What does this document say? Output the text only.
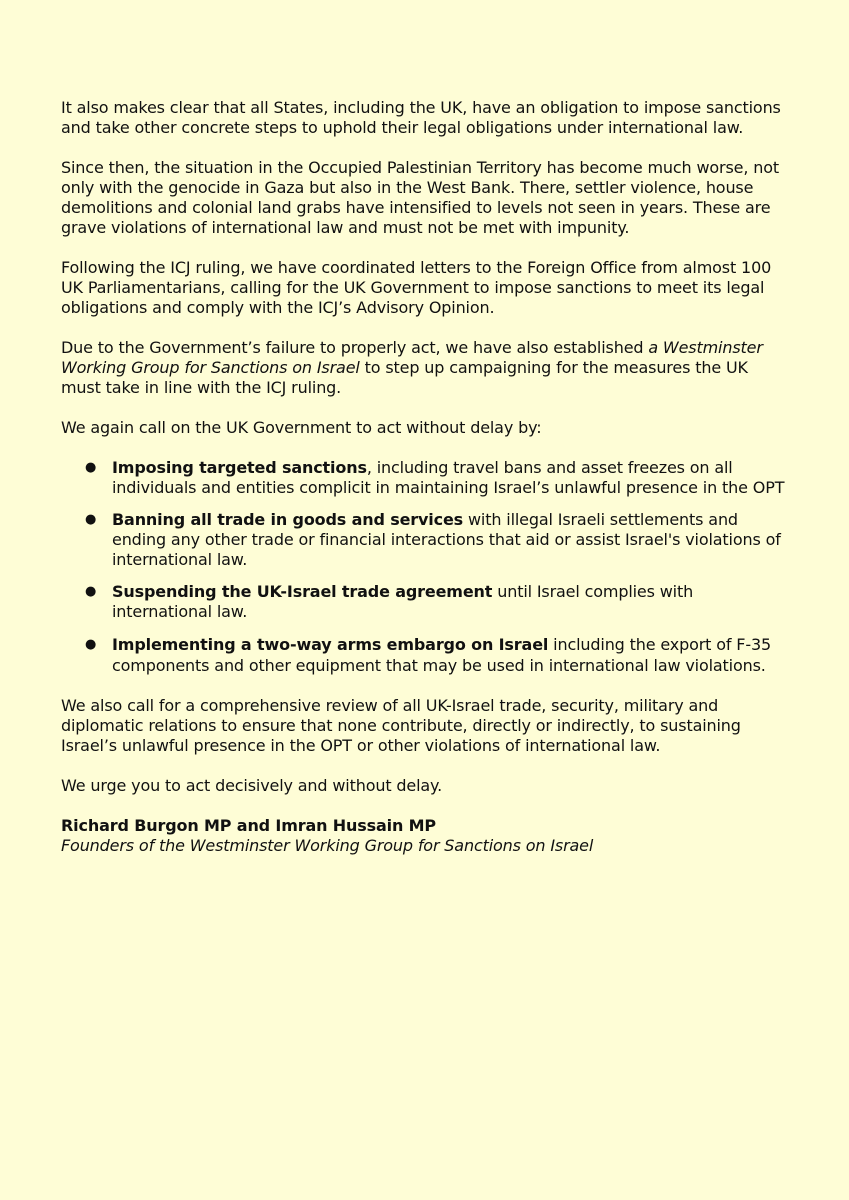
It also makes clear that all States, including the UK, have an obligation to impose sanctions and take other concrete steps to uphold their legal obligations under international law.

Since then, the situation in the Occupied Palestinian Territory has become much worse, not only with the genocide in Gaza but also in the West Bank. There, settler violence, house demolitions and colonial land grabs have intensified to levels not seen in years. These are grave violations of international law and must not be met with impunity.

Following the ICJ ruling, we have coordinated letters to the Foreign Office from almost 100 UK Parliamentarians, calling for the UK Government to impose sanctions to meet its legal obligations and comply with the ICJ’s Advisory Opinion.

Due to the Government’s failure to properly act, we have also established a Westminster Working Group for Sanctions on Israel to step up campaigning for the measures the UK must take in line with the ICJ ruling.

We again call on the UK Government to act without delay by:

● Imposing targeted sanctions, including travel bans and asset freezes on all individuals and entities complicit in maintaining Israel’s unlawful presence in the OPT
● Banning all trade in goods and services with illegal Israeli settlements and ending any other trade or financial interactions that aid or assist Israel's violations of international law.
● Suspending the UK-Israel trade agreement until Israel complies with international law.
● Implementing a two-way arms embargo on Israel including the export of F-35 components and other equipment that may be used in international law violations.

We also call for a comprehensive review of all UK-Israel trade, security, military and diplomatic relations to ensure that none contribute, directly or indirectly, to sustaining Israel’s unlawful presence in the OPT or other violations of international law.

We urge you to act decisively and without delay.

Richard Burgon MP and Imran Hussain MP
Founders of the Westminster Working Group for Sanctions on Israel
